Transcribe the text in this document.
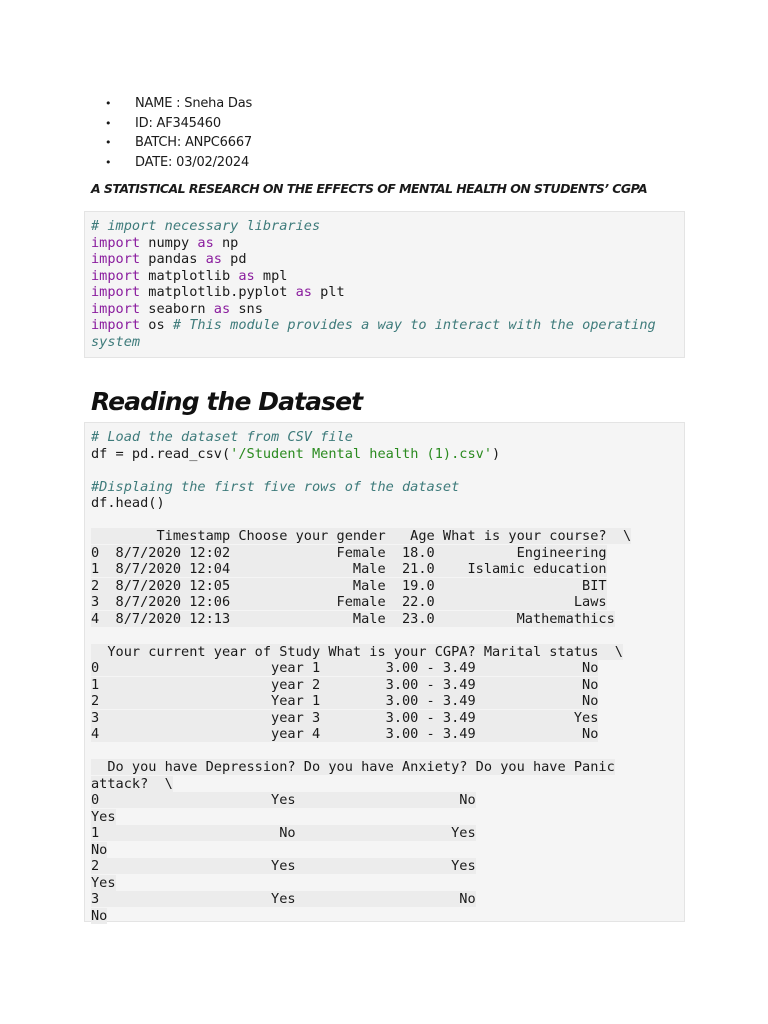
• NAME : Sneha Das
• ID: AF345460
• BATCH: ANPC6667
• DATE: 03/02/2024
A STATISTICAL RESEARCH ON THE EFFECTS OF MENTAL HEALTH ON STUDENTS’ CGPA
# import necessary libraries
import numpy as np
import pandas as pd
import matplotlib as mpl
import matplotlib.pyplot as plt
import seaborn as sns
import os # This module provides a way to interact with the operating
system
Reading the Dataset
# Load the dataset from CSV file
df = pd.read_csv('/Student Mental health (1).csv')

#Displaing the first five rows of the dataset
df.head()
Timestamp Choose your gender   Age What is your course?  \
0  8/7/2020 12:02             Female  18.0          Engineering
1  8/7/2020 12:04               Male  21.0    Islamic education
2  8/7/2020 12:05               Male  19.0                  BIT
3  8/7/2020 12:06             Female  22.0                 Laws
4  8/7/2020 12:13               Male  23.0          Mathemathics
Your current year of Study What is your CGPA? Marital status  \
0                     year 1        3.00 - 3.49             No
1                     year 2        3.00 - 3.49             No
2                     Year 1        3.00 - 3.49             No
3                     year 3        3.00 - 3.49            Yes
4                     year 4        3.00 - 3.49             No
Do you have Depression? Do you have Anxiety? Do you have Panic
attack?  \
0                     Yes                    No
Yes
1                      No                   Yes
No
2                     Yes                   Yes
Yes
3                     Yes                    No
No
